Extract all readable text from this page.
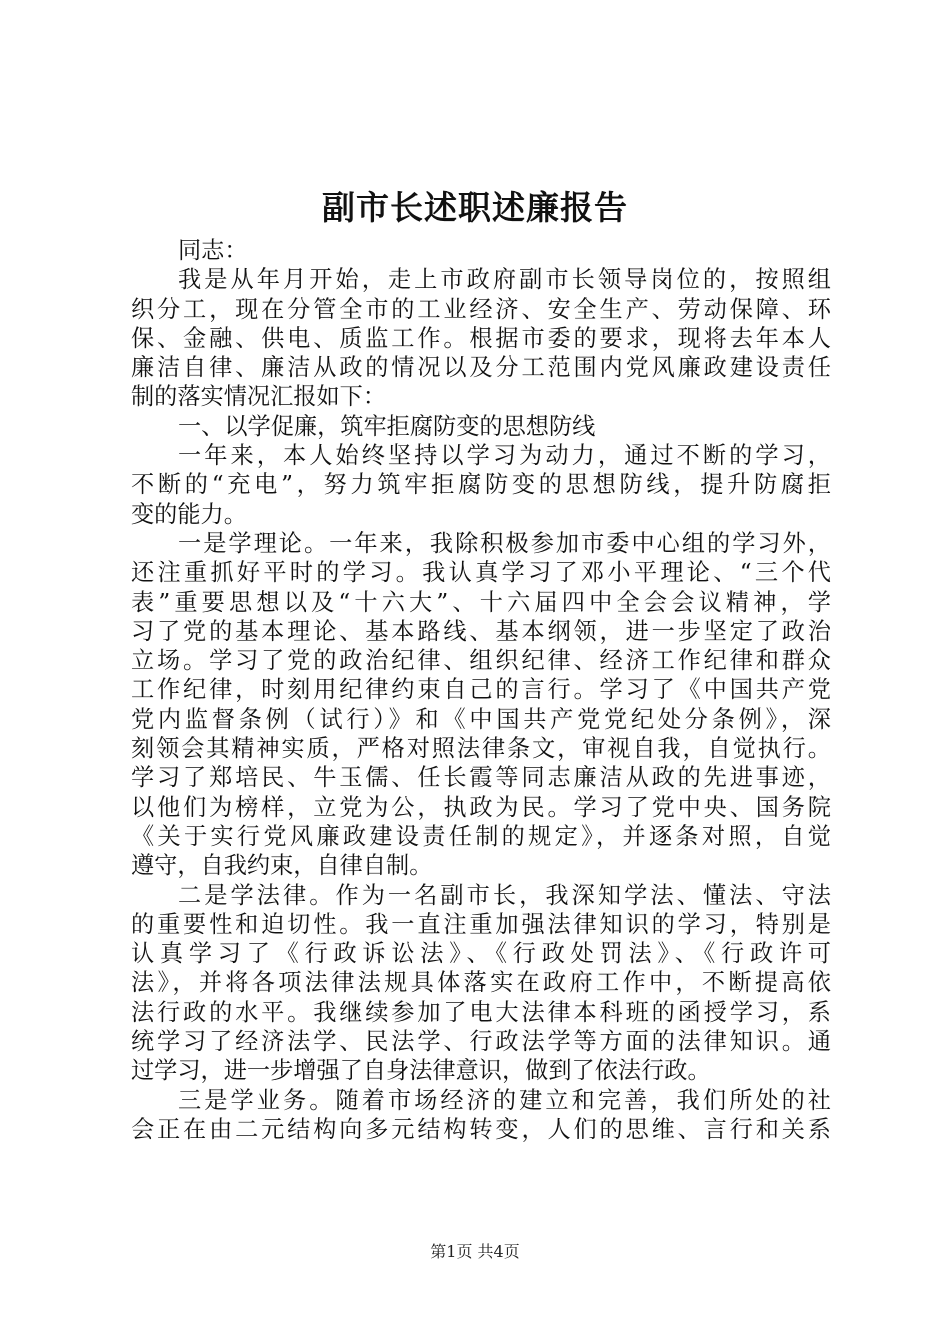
副市长述职述廉报告
同志：
我是从年月开始，走上市政府副市长领导岗位的，按照组
织分工，现在分管全市的工业经济、安全生产、劳动保障、环
保、金融、供电、质监工作。根据市委的要求，现将去年本人
廉洁自律、廉洁从政的情况以及分工范围内党风廉政建设责任
制的落实情况汇报如下：
一、以学促廉，筑牢拒腐防变的思想防线
一年来，本人始终坚持以学习为动力，通过不断的学习，
不断的“充电”，努力筑牢拒腐防变的思想防线，提升防腐拒
变的能力。
一是学理论。一年来，我除积极参加市委中心组的学习外，
还注重抓好平时的学习。我认真学习了邓小平理论、“三个代
表”重要思想以及“十六大”、十六届四中全会会议精神，学
习了党的基本理论、基本路线、基本纲领，进一步坚定了政治
立场。学习了党的政治纪律、组织纪律、经济工作纪律和群众
工作纪律，时刻用纪律约束自己的言行。学习了《中国共产党
党内监督条例（试行）》和《中国共产党党纪处分条例》，深
刻领会其精神实质，严格对照法律条文，审视自我，自觉执行。
学习了郑培民、牛玉儒、任长霞等同志廉洁从政的先进事迹，
以他们为榜样，立党为公，执政为民。学习了党中央、国务院
《关于实行党风廉政建设责任制的规定》，并逐条对照，自觉
遵守，自我约束，自律自制。
二是学法律。作为一名副市长，我深知学法、懂法、守法
的重要性和迫切性。我一直注重加强法律知识的学习，特别是
认真学习了《行政诉讼法》、《行政处罚法》、《行政许可
法》，并将各项法律法规具体落实在政府工作中，不断提高依
法行政的水平。我继续参加了电大法律本科班的函授学习，系
统学习了经济法学、民法学、行政法学等方面的法律知识。通
过学习，进一步增强了自身法律意识，做到了依法行政。
三是学业务。随着市场经济的建立和完善，我们所处的社
会正在由二元结构向多元结构转变，人们的思维、言行和关系
第1页 共4页
